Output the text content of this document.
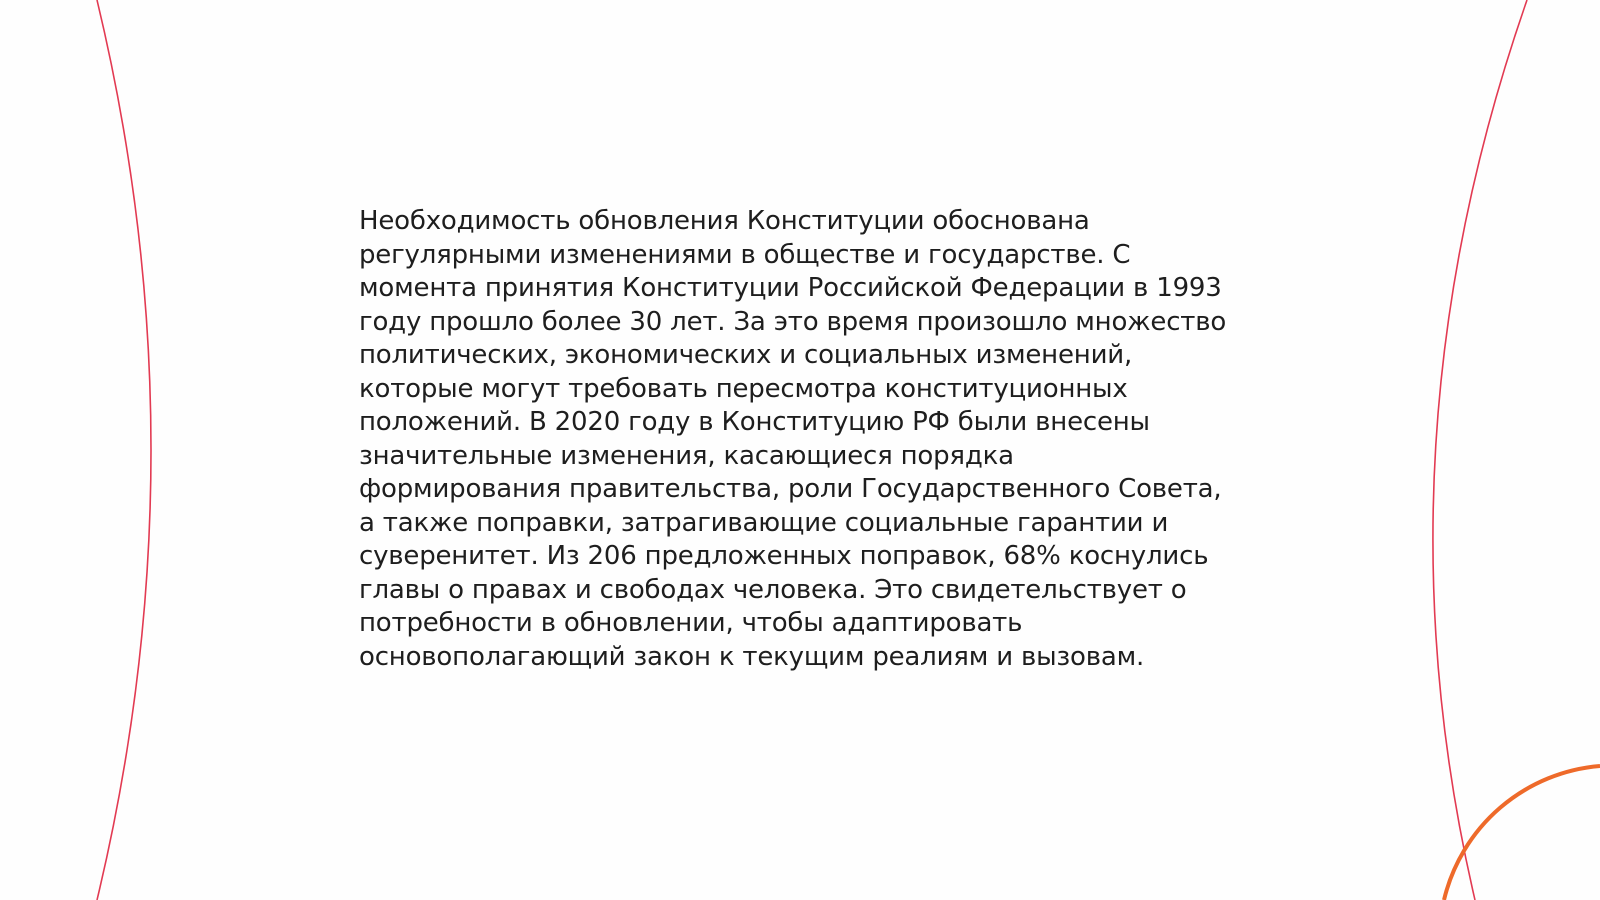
Необходимость обновления Конституции обоснована
регулярными изменениями в обществе и государстве. С
момента принятия Конституции Российской Федерации в 1993
году прошло более 30 лет. За это время произошло множество
политических, экономических и социальных изменений,
которые могут требовать пересмотра конституционных
положений. В 2020 году в Конституцию РФ были внесены
значительные изменения, касающиеся порядка
формирования правительства, роли Государственного Совета,
а также поправки, затрагивающие социальные гарантии и
суверенитет. Из 206 предложенных поправок, 68% коснулись
главы о правах и свободах человека. Это свидетельствует о
потребности в обновлении, чтобы адаптировать
основополагающий закон к текущим реалиям и вызовам.
